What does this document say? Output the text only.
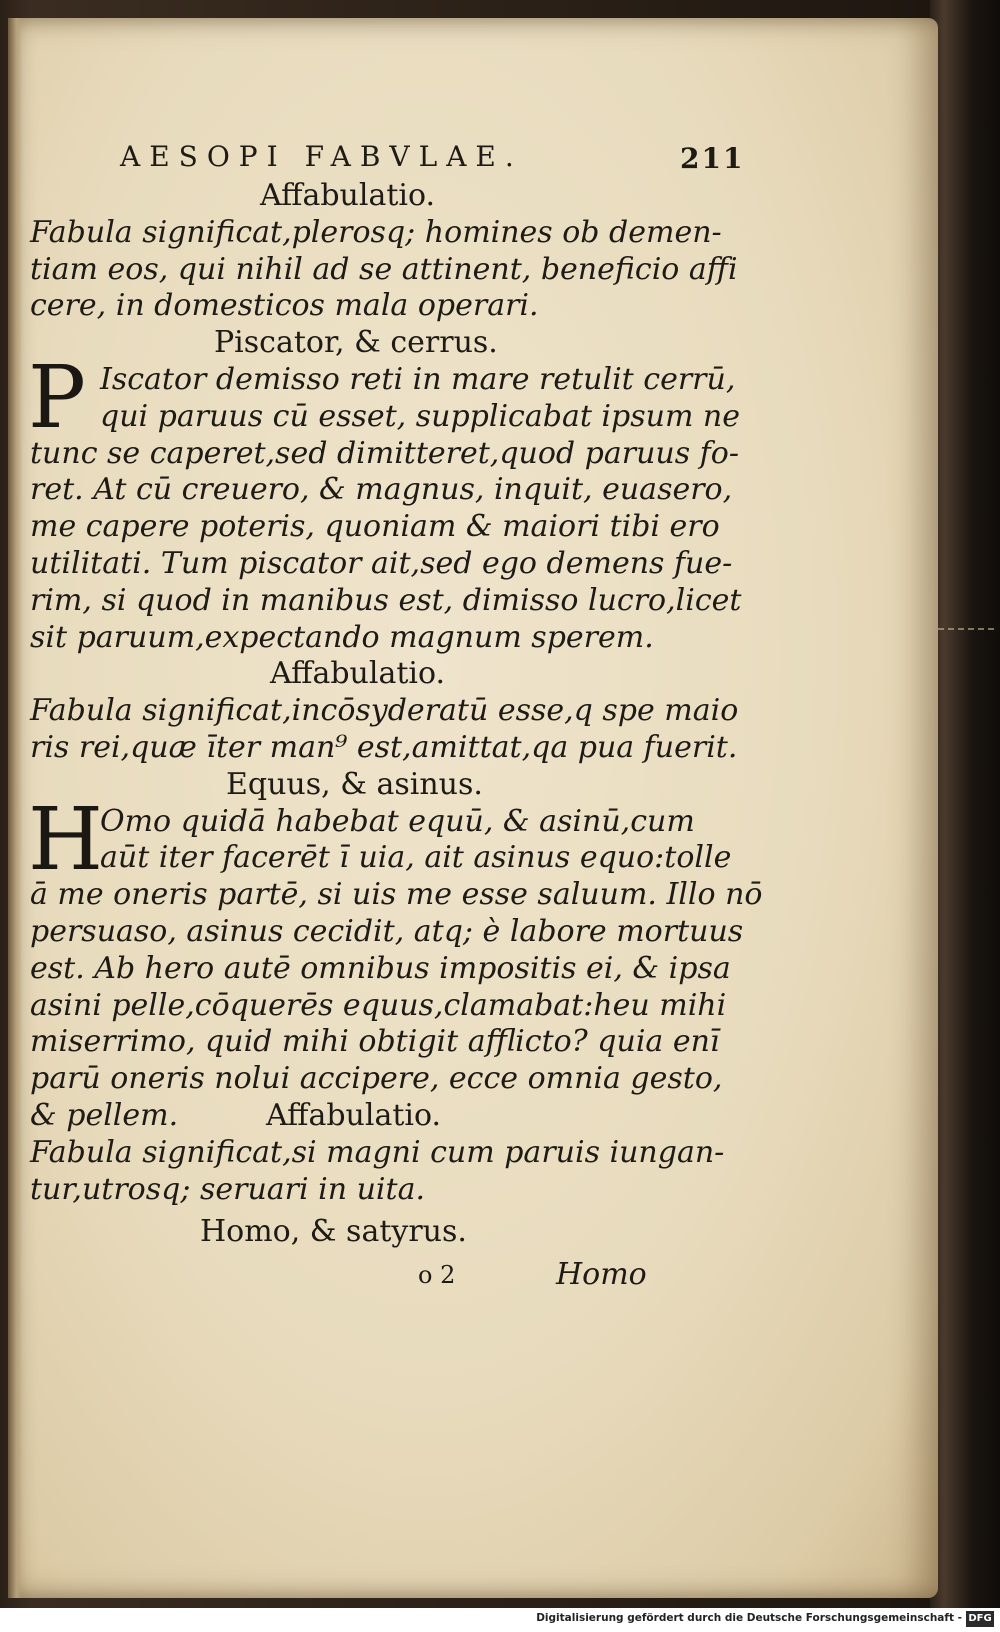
AESOPI FABVLAE.	211
Affabulatio.
Fabula significat,plerosq; homines ob demen-
tiam eos, qui nihil ad se attinent, beneficio affi
cere, in domesticos mala operari.
Piscator, & cerrus.
P Iscator demisso reti in mare retulit cerrū,
qui paruus cū esset, supplicabat ipsum ne
tunc se caperet,sed dimitteret,quod paruus fo-
ret. At cū creuero, & magnus, inquit, euasero,
me capere poteris, quoniam & maiori tibi ero
utilitati. Tum piscator ait,sed ego demens fue-
rim, si quod in manibus est, dimisso lucro,licet
sit paruum,expectando magnum sperem.
Affabulatio.
Fabula significat,incōsyderatū esse,q spe maio
ris rei,quæ īter man⁹ est,amittat,qa pua fuerit.
Equus, & asinus.
H
Omo quidā habebat equū, & asinū,cum
aūt iter facerēt ī uia, ait asinus equo:tolle
ā me oneris partē, si uis me esse saluum. Illo nō
persuaso, asinus cecidit, atq; è labore mortuus
est. Ab hero autē omnibus impositis ei, & ipsa
asini pelle,cōquerēs equus,clamabat:heu mihi
miserrimo, quid mihi obtigit afflicto? quia enī
parū oneris nolui accipere, ecce omnia gesto,
& pellem.	Affabulatio.
Fabula significat,si magni cum paruis iungan-
tur,utrosq; seruari in uita.
Homo, & satyrus.
o 2	Homo
Digitalisierung gefördert durch die Deutsche Forschungsgemeinschaft - DFG
